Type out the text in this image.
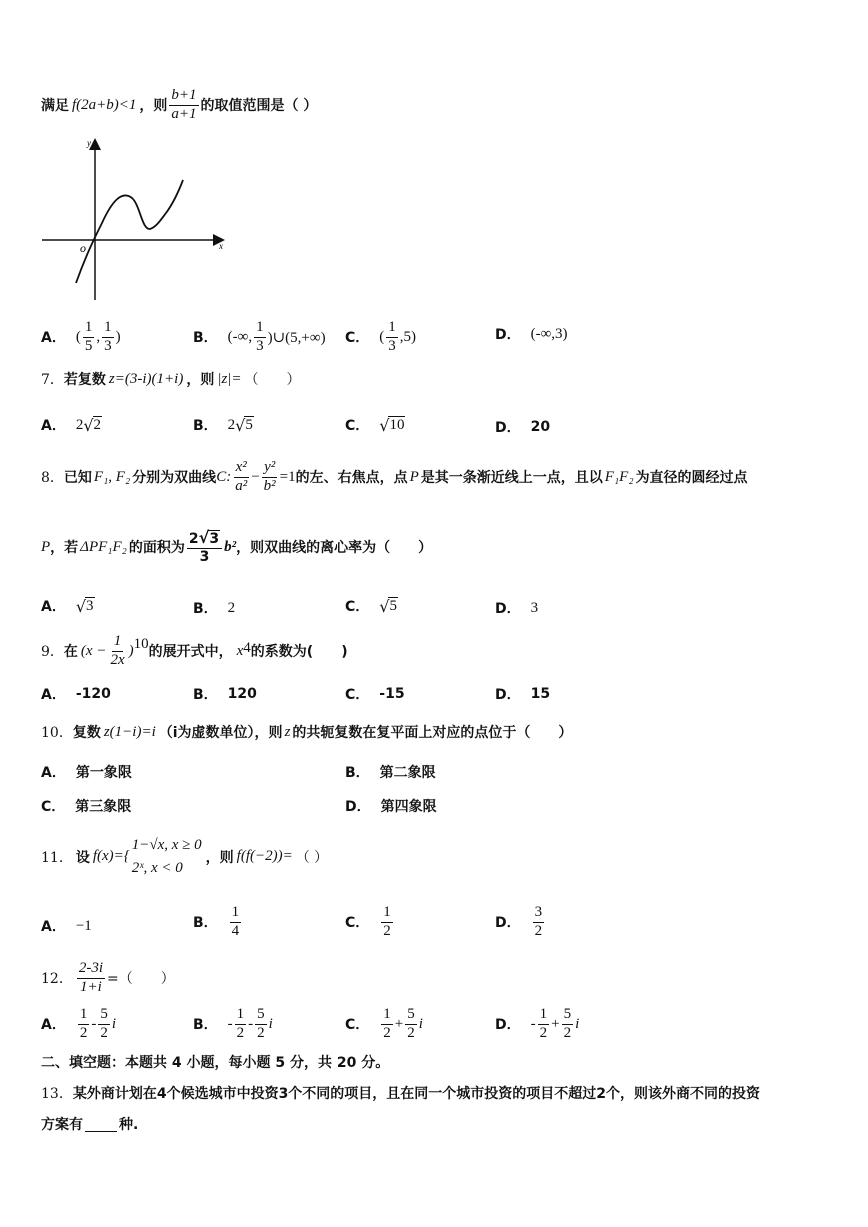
满足 f(2a+b)<1 ，则 $\frac{b+1}{a+1}$ 的取值范围是（ ）
y
x
o
A． ( $\frac{1}{5}$ , $\frac{1}{3}$ )	B． (-∞, $\frac{1}{3}$ )∪(5,+∞) C． ( $\frac{1}{3} ,5$)	D． (-∞,3)
7． 若复数 z=(3-i)(1+i) ，则 |z|= （　　）
A． 2 √ 2	B． 2 √ 5	C． √ 10	D． 20
8． 已知 F₁, F₂ 分别为双曲线 C: $\frac{\text{x²}}{\text{a²}} - \frac{\text{y²}}{\text{b²}} =1$ 的左、右焦点，点 P 是其一条渐近线上一点，且以 F₁F₂ 为直径的圆经过点
P ，若 ΔPF₁F₂ 的面积为 $\frac{2√3}{3} b^2$ ，则双曲线的离心率为（　　）
A． √ 3	B． 2	C． √ 5	D． 3
9． 在 ($x - \frac{1}{2x}$ ) 10
的展开式中， x 4 的系数为(　　)
A． -120	B． 120	C． -15	D． 15
10． 复数 z(1−i)=i （i为虚数单位），则 z 的共轭复数在复平面上对应的点位于（　　）
A． 第一象限	B． 第二象限
C． 第三象限	D． 第四象限
11． 设 f(x)={
1−√x, x ≥ 0
2ˣ, x < 0
，则 f(f(−2))= （ ）
A． −1	B． $\frac{1}{4}$	C． $\frac{1}{2}$	D． $\frac{3}{2}$
12． $\frac{2-3i}{1+i}$ =（　　）
A． $\frac{1}{2} - \frac{5}{2}$ i	B． - $\frac{1}{2} - \frac{5}{2}$ i	C． $\frac{1}{2} + \frac{5}{2}$ i	D． - $\frac{1}{2} + \frac{5}{2}$ i
二、填空题：本题共 4 小题，每小题 5 分，共 20 分。
13． 某外商计划在4个候选城市中投资3个不同的项目，且在同一个城市投资的项目不超过2个，则该外商不同的投资
方案有	种.
